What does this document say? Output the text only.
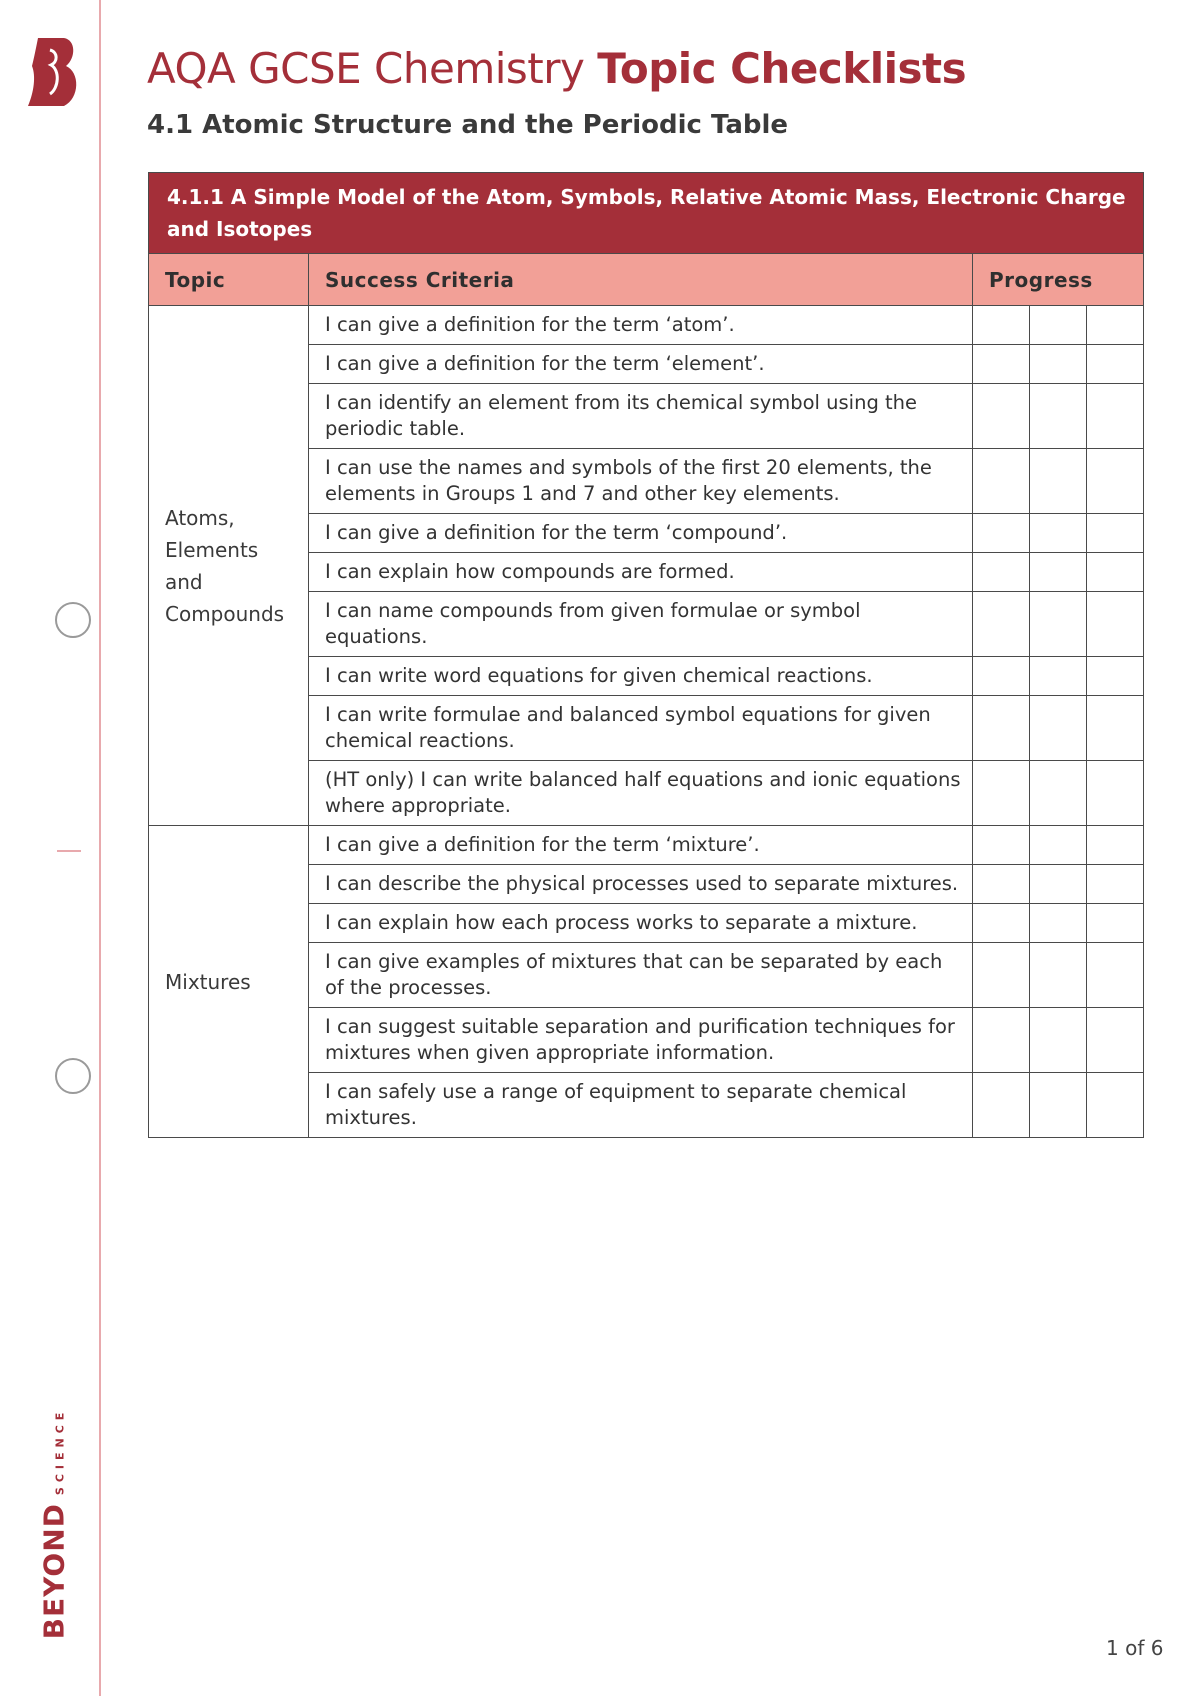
BEYOND
SCIENCE
AQA GCSE Chemistry Topic Checklists
4.1 Atomic Structure and the Periodic Table
4.1.1 A Simple Model of the Atom, Symbols, Relative Atomic Mass, Electronic Charge and Isotopes				
Topic	Success Criteria	Progress		
Atoms, Elements and Compounds	I can give a definition for the term ‘atom’.			
	I can give a definition for the term ‘element’.			
	I can identify an element from its chemical symbol using the periodic table.			
	I can use the names and symbols of the first 20 elements, the elements in Groups 1 and 7 and other key elements.			
	I can give a definition for the term ‘compound’.			
	I can explain how compounds are formed.			
	I can name compounds from given formulae or symbol equations.			
	I can write word equations for given chemical reactions.			
	I can write formulae and balanced symbol equations for given chemical reactions.			
	(HT only) I can write balanced half equations and ionic equations where appropriate.			
Mixtures	I can give a definition for the term ‘mixture’.			
	I can describe the physical processes used to separate mixtures.			
	I can explain how each process works to separate a mixture.			
	I can give examples of mixtures that can be separated by each of the processes.			
	I can suggest suitable separation and purification techniques for mixtures when given appropriate information.			
	I can safely use a range of equipment to separate chemical mixtures.			
1 of 6
